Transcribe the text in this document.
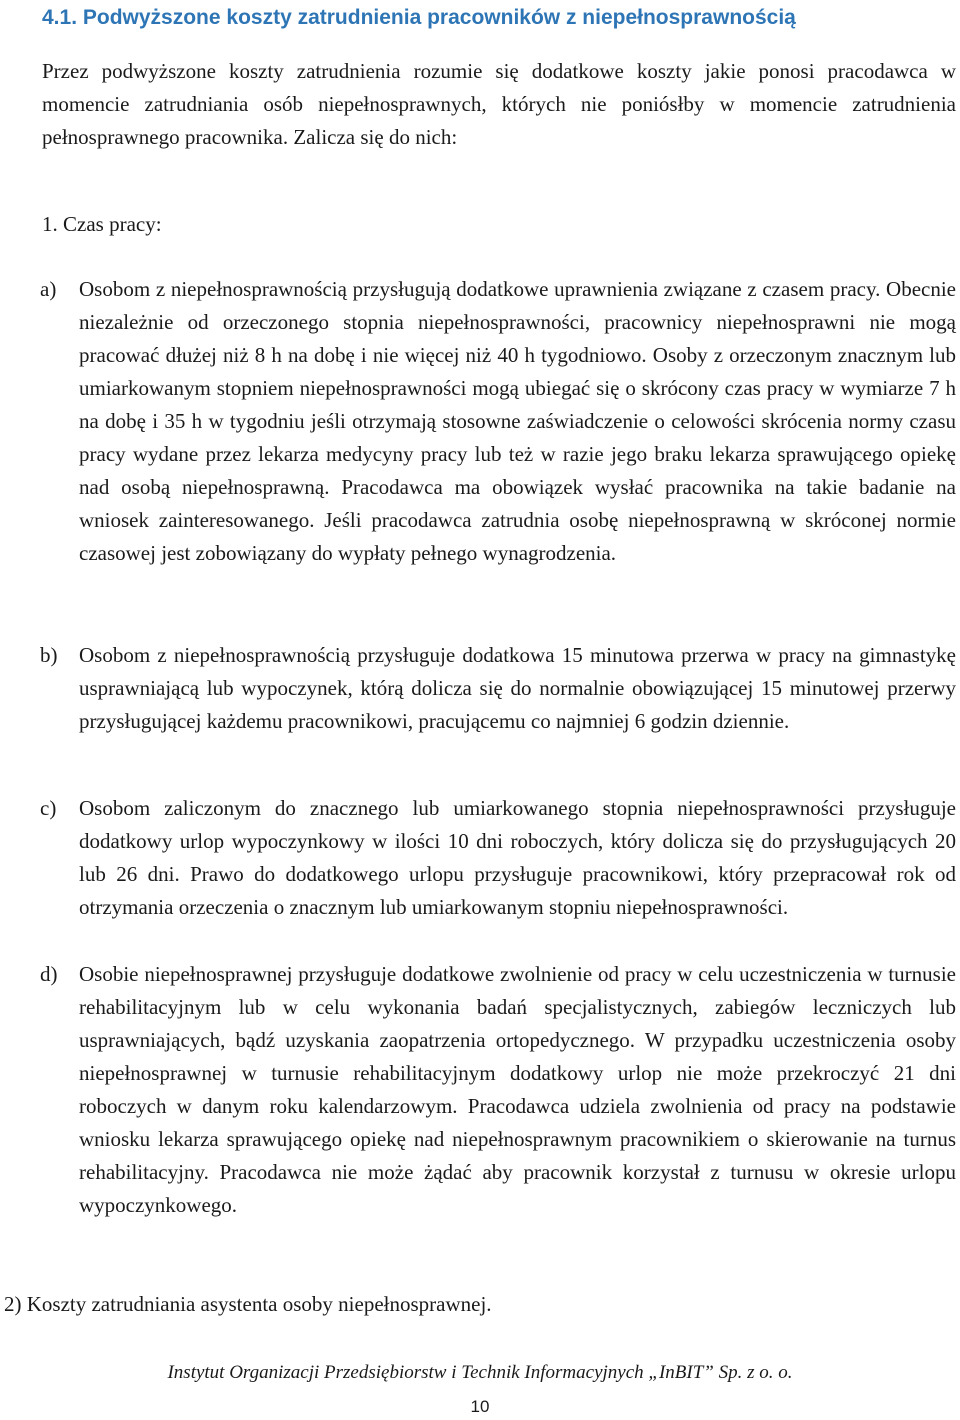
4.1. Podwyższone koszty zatrudnienia pracowników z niepełnosprawnością
Przez podwyższone koszty zatrudnienia rozumie się dodatkowe koszty jakie ponosi pracodawca w momencie zatrudniania osób niepełnosprawnych, których nie poniósłby w momencie zatrudnienia pełnosprawnego pracownika. Zalicza się do nich:
1. Czas pracy:
a) Osobom z niepełnosprawnością przysługują dodatkowe uprawnienia związane z czasem pracy. Obecnie niezależnie od orzeczonego stopnia niepełnosprawności, pracownicy niepełnosprawni nie mogą pracować dłużej niż 8 h na dobę i nie więcej niż 40 h tygodniowo. Osoby z orzeczonym znacznym lub umiarkowanym stopniem niepełnosprawności mogą ubiegać się o skrócony czas pracy w wymiarze 7 h na dobę i 35 h w tygodniu jeśli otrzymają stosowne zaświadczenie o celowości skrócenia normy czasu pracy wydane przez lekarza medycyny pracy lub też w razie jego braku lekarza sprawującego opiekę nad osobą niepełnosprawną. Pracodawca ma obowiązek wysłać pracownika na takie badanie na wniosek zainteresowanego. Jeśli pracodawca zatrudnia osobę niepełnosprawną w skróconej normie czasowej jest zobowiązany do wypłaty pełnego wynagrodzenia.
b) Osobom z niepełnosprawnością przysługuje dodatkowa 15 minutowa przerwa w pracy na gimnastykę usprawniającą lub wypoczynek, którą dolicza się do normalnie obowiązującej 15 minutowej przerwy przysługującej każdemu pracownikowi, pracującemu co najmniej 6 godzin dziennie.
c) Osobom zaliczonym do znacznego lub umiarkowanego stopnia niepełnosprawności przysługuje dodatkowy urlop wypoczynkowy w ilości 10 dni roboczych, który dolicza się do przysługujących 20 lub 26 dni. Prawo do dodatkowego urlopu przysługuje pracownikowi, który przepracował rok od otrzymania orzeczenia o znacznym lub umiarkowanym stopniu niepełnosprawności.
d) Osobie niepełnosprawnej przysługuje dodatkowe zwolnienie od pracy w celu uczestniczenia w turnusie rehabilitacyjnym lub w celu wykonania badań specjalistycznych, zabiegów leczniczych lub usprawniających, bądź uzyskania zaopatrzenia ortopedycznego. W przypadku uczestniczenia osoby niepełnosprawnej w turnusie rehabilitacyjnym dodatkowy urlop nie może przekroczyć 21 dni roboczych w danym roku kalendarzowym. Pracodawca udziela zwolnienia od pracy na podstawie wniosku lekarza sprawującego opiekę nad niepełnosprawnym pracownikiem o skierowanie na turnus rehabilitacyjny. Pracodawca nie może żądać aby pracownik korzystał z turnusu w okresie urlopu wypoczynkowego.
2) Koszty zatrudniania asystenta osoby niepełnosprawnej.
Instytut Organizacji Przedsiębiorstw i Technik Informacyjnych „InBIT” Sp. z o. o.
10
